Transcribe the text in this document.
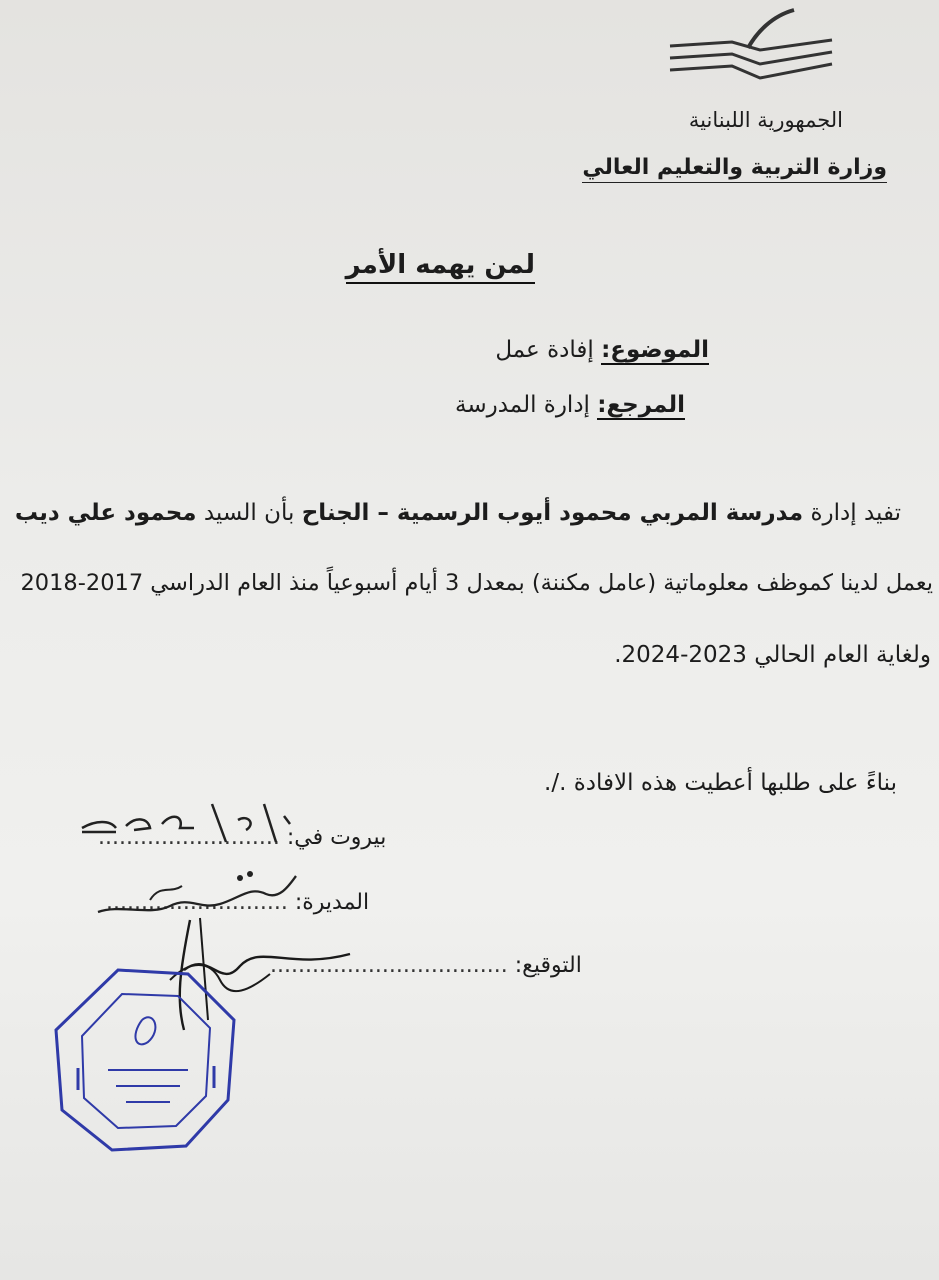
الجمهورية اللبنانية
وزارة التربية والتعليم العالي
لمن يهمه الأمر
الموضوع: إفادة عمل
المرجع: إدارة المدرسة
تفيد إدارة مدرسة المربي محمود أيوب الرسمية – الجناح بأن السيد محمود علي ديب
يعمل لدينا كموظف معلوماتية (عامل مكننة) بمعدل 3 أيام أسبوعياً منذ العام الدراسي 2017-2018
ولغاية العام الحالي 2023-2024.
بناءً على طلبها أعطيت هذه الافادة ./.
بيروت في: ..........................
المديرة: ..........................
التوقيع: ..................................
